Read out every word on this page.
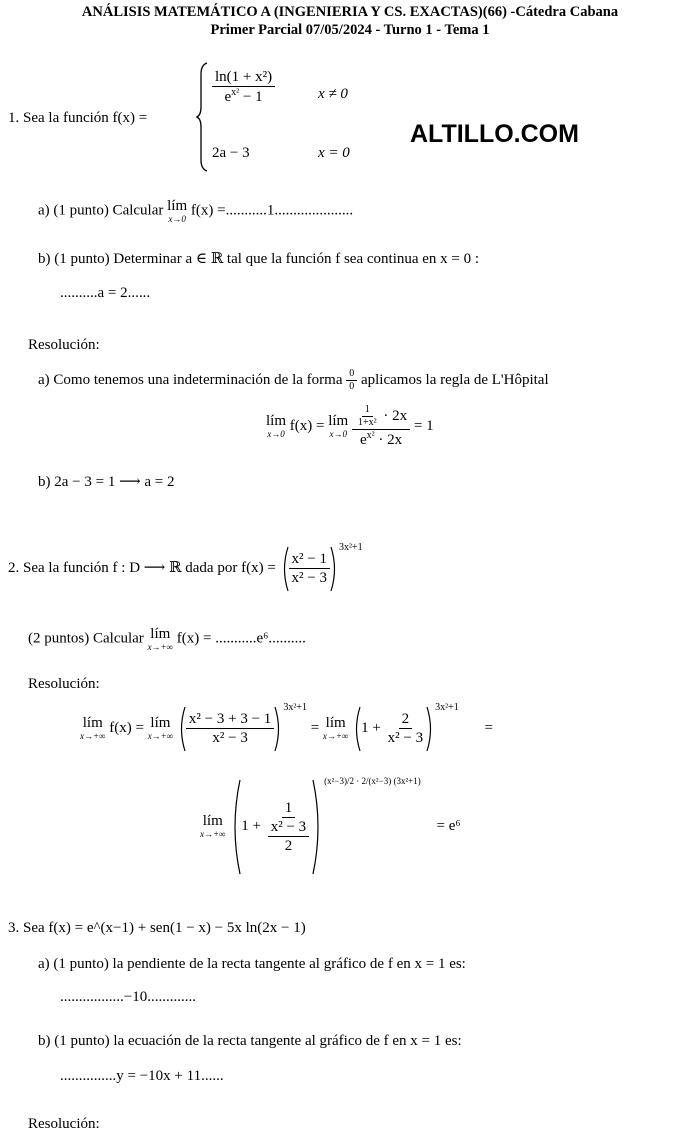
ANÁLISIS MATEMÁTICO A (INGENIERIA Y CS. EXACTAS)(66) -Cátedra Cabana
Primer Parcial 07/05/2024 - Turno 1 - Tema 1
1. Sea la función f(x) =
$\frac{\text{ln(1 + x²)}}{e^{x^2} - 1}$	x ≠ 0
2a − 3	x = 0
ALTILLO.COM
a) (1 punto) Calcular lím
x→0 f(x) =...........1.....................
b) (1 punto) Determinar a ∈ ℝ tal que la función f sea continua en x = 0 :
..........a = 2......
Resolución:
a) Como tenemos una indeterminación de la forma $\frac{0}{0}$ aplicamos la regla de L'Hôpital
lím
x→0 f(x) = lím
x→0
$\frac{\frac{1}{\text{1+x²}} \cdot 2x}{e^{x^2} \cdot 2x} = 1$
b) 2a − 3 = 1 ⟶ a = 2
2. Sea la función f : D ⟶ ℝ dada por $f(x) = \frac{\text{x² − 1}}{\text{x² − 3}}$
$^{3x^2+1}$
(2 puntos) Calcular lím
x→+∞ f(x) = ...........e⁶..........
Resolución:
lím
x→+∞ f(x) = lím
x→+∞
$\frac{\text{x² − 3 + 3 − 1}}{\text{x² − 3}}$
$^{3x^2+1}$ = lím
x→+∞ $1 + \frac{2}{\text{x² − 3}}$
$^{3x^2+1}$ =
lím
x→+∞ $1 + \frac{1}{\frac{\text{x² − 3}}{2}}$
$^{(x^2-3)/2 \cdot 2/(x^2-3) (3x^2+1)}$ = e⁶
3. Sea f(x) = e^(x−1) + sen(1 − x) − 5x ln(2x − 1)
a) (1 punto) la pendiente de la recta tangente al gráfico de f en x = 1 es:
.................−10.............
b) (1 punto) la ecuación de la recta tangente al gráfico de f en x = 1 es:
...............y = −10x + 11......
Resolución:
